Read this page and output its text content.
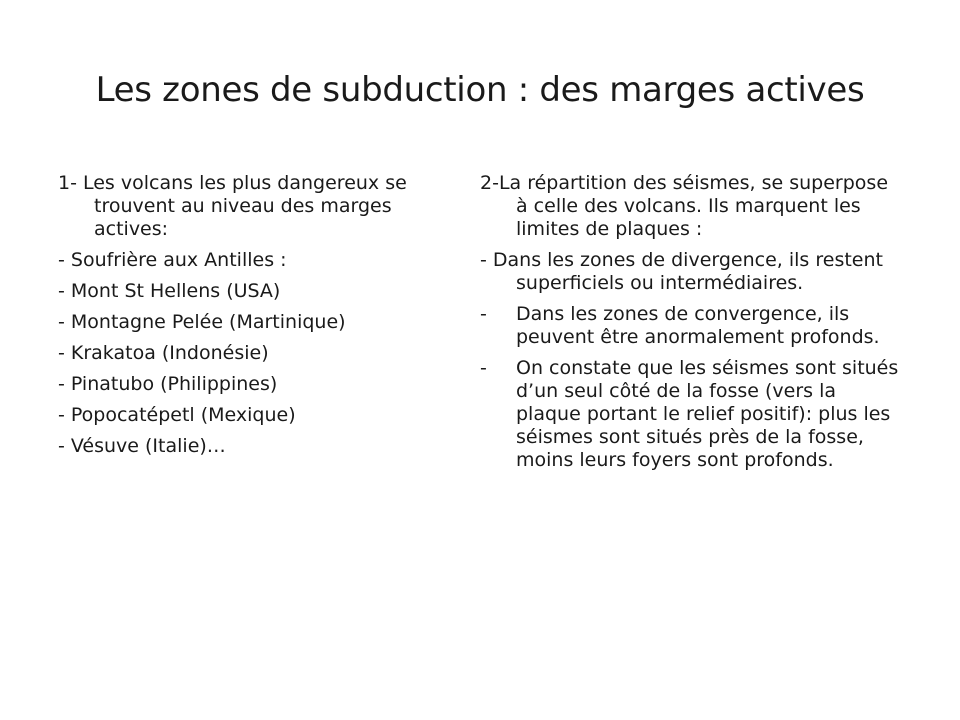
Les zones de subduction : des marges actives

1- Les volcans les plus dangereux se trouvent au niveau des marges actives:

- Soufrière aux Antilles :

- Mont St Hellens (USA)

- Montagne Pelée (Martinique)

- Krakatoa (Indonésie)

- Pinatubo (Philippines)

- Popocatépetl (Mexique)

- Vésuve (Italie)…

2-La répartition des séismes, se superpose à celle des volcans. Ils marquent les limites de plaques :

- Dans les zones de divergence, ils restent superficiels ou intermédiaires.

-	Dans les zones de convergence, ils peuvent être anormalement profonds.
-	On constate que les séismes sont situés d’un seul côté de la fosse (vers la plaque portant le relief positif): plus les séismes sont situés près de la fosse, moins leurs foyers sont profonds.
